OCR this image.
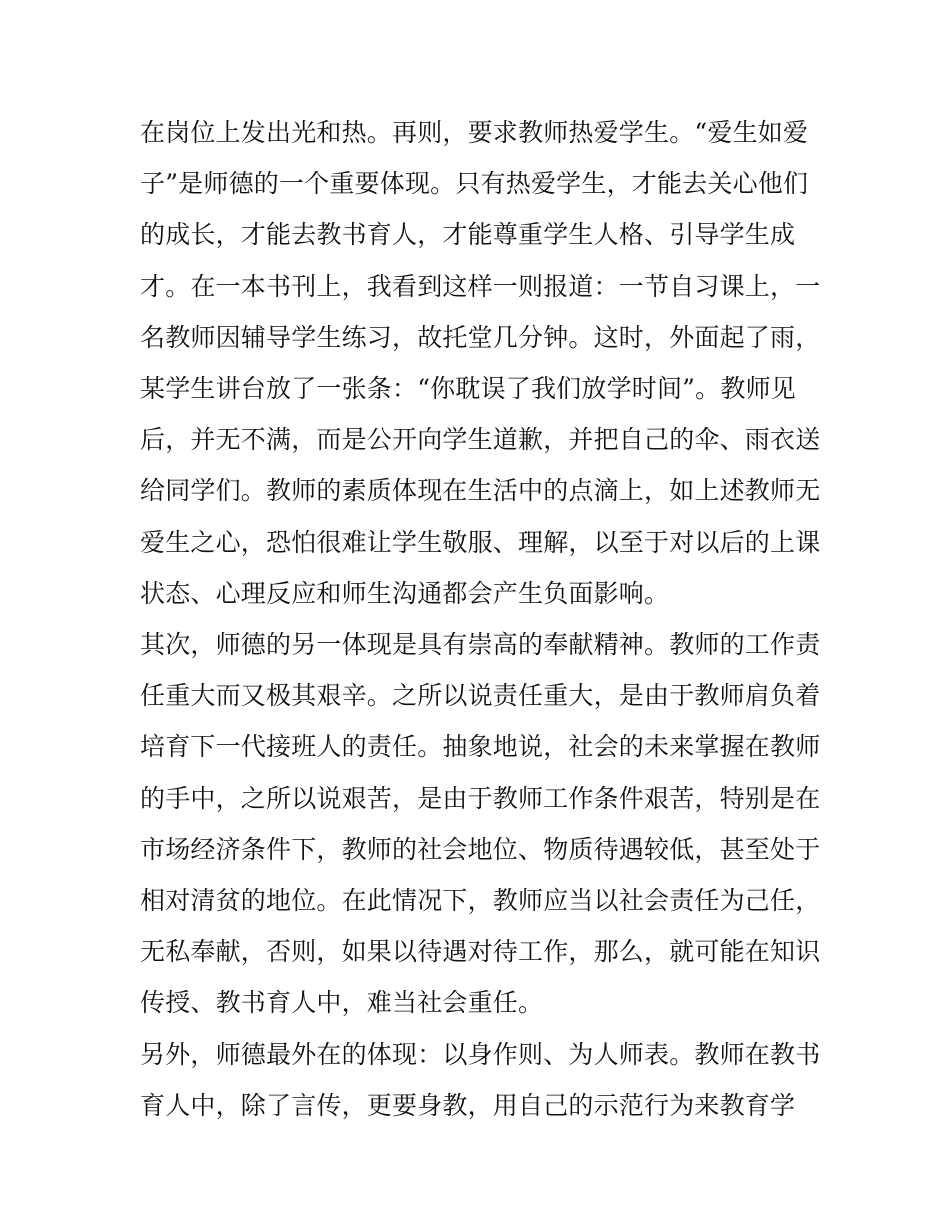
在岗位上发出光和热。再则，要求教师热爱学生。“爱生如爱
子”是师德的一个重要体现。只有热爱学生，才能去关心他们
的成长，才能去教书育人，才能尊重学生人格、引导学生成
才。在一本书刊上，我看到这样一则报道：一节自习课上，一
名教师因辅导学生练习，故托堂几分钟。这时，外面起了雨，
某学生讲台放了一张条：“你耽误了我们放学时间”。教师见
后，并无不满，而是公开向学生道歉，并把自己的伞、雨衣送
给同学们。教师的素质体现在生活中的点滴上，如上述教师无
爱生之心，恐怕很难让学生敬服、理解，以至于对以后的上课
状态、心理反应和师生沟通都会产生负面影响。
其次，师德的另一体现是具有崇高的奉献精神。教师的工作责
任重大而又极其艰辛。之所以说责任重大，是由于教师肩负着
培育下一代接班人的责任。抽象地说，社会的未来掌握在教师
的手中，之所以说艰苦，是由于教师工作条件艰苦，特别是在
市场经济条件下，教师的社会地位、物质待遇较低，甚至处于
相对清贫的地位。在此情况下，教师应当以社会责任为己任，
无私奉献，否则，如果以待遇对待工作，那么，就可能在知识
传授、教书育人中，难当社会重任。
另外，师德最外在的体现：以身作则、为人师表。教师在教书
育人中，除了言传，更要身教，用自己的示范行为来教育学
